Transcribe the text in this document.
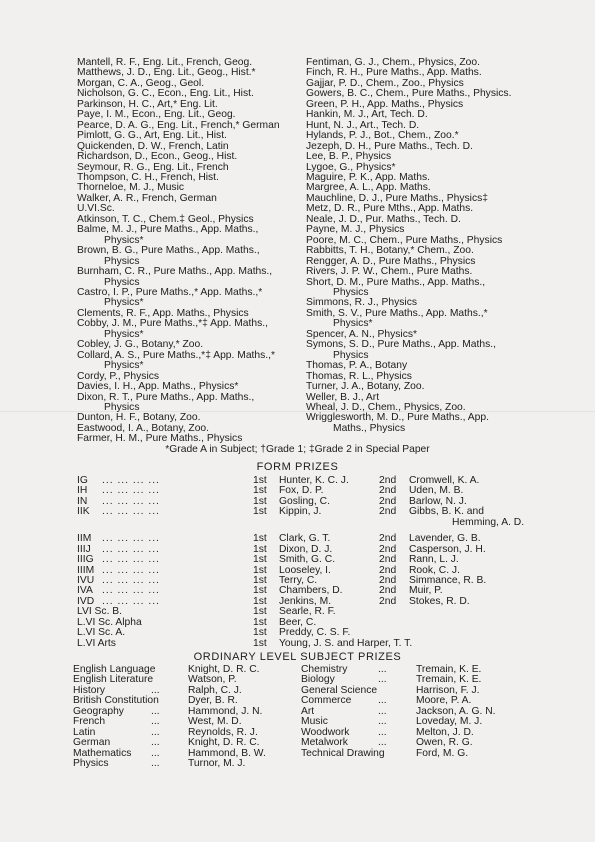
Mantell, R. F., Eng. Lit., French, Geog.
Matthews, J. D., Eng. Lit., Geog., Hist.*
Morgan, C. A., Geog., Geol.
Nicholson, G. C., Econ., Eng. Lit., Hist.
Parkinson, H. C., Art,* Eng. Lit.
Paye, I. M., Econ., Eng. Lit., Geog.
Pearce, D. A. G., Eng. Lit., French,* German
Pimlott, G. G., Art, Eng. Lit., Hist.
Quickenden, D. W., French, Latin
Richardson, D., Econ., Geog., Hist.
Seymour, R. G., Eng. Lit., French
Thompson, C. H., French, Hist.
Thorneloe, M. J., Music
Walker, A. R., French, German
U.VI.Sc.
Atkinson, T. C., Chem.‡ Geol., Physics
Balme, M. J., Pure Maths., App. Maths.,
Physics*
Brown, B. G., Pure Maths., App. Maths.,
Physics
Burnham, C. R., Pure Maths., App. Maths.,
Physics
Castro, I. P., Pure Maths.,* App. Maths.,*
Physics*
Clements, R. F., App. Maths., Physics
Cobby, J. M., Pure Maths.,*‡ App. Maths.,
Physics*
Cobley, J. G., Botany,* Zoo.
Collard, A. S., Pure Maths.,*‡ App. Maths.,*
Physics*
Cordy, P., Physics
Davies, I. H., App. Maths., Physics*
Dixon, R. T., Pure Maths., App. Maths.,
Physics
Dunton, H. F., Botany, Zoo.
Eastwood, I. A., Botany, Zoo.
Farmer, H. M., Pure Maths., Physics
Fentiman, G. J., Chem., Physics, Zoo.
Finch, R. H., Pure Maths., App. Maths.
Gajjar, P. D., Chem., Zoo., Physics
Gowers, B. C., Chem., Pure Maths., Physics.
Green, P. H., App. Maths., Physics
Hankin, M. J., Art, Tech. D.
Hunt, N. J., Art., Tech. D.
Hylands, P. J., Bot., Chem., Zoo.*
Jezeph, D. H., Pure Maths., Tech. D.
Lee, B. P., Physics
Lygoe, G., Physics*
Maguire, P. K., App. Maths.
Margree, A. L., App. Maths.
Mauchline, D. J., Pure Maths., Physics‡
Metz, D. R., Pure Mths., App. Maths.
Neale, J. D., Pur. Maths., Tech. D.
Payne, M. J., Physics
Poore, M. C., Chem., Pure Maths., Physics
Rabbitts, T. H., Botany,* Chem., Zoo.
Rengger, A. D., Pure Maths., Physics
Rivers, J. P. W., Chem., Pure Maths.
Short, D. M., Pure Maths., App. Maths.,
Physics
Simmons, R. J., Physics
Smith, S. V., Pure Maths., App. Maths.,*
Physics*
Spencer, A. N., Physics*
Symons, S. D., Pure Maths., App. Maths.,
Physics
Thomas, P. A., Botany
Thomas, R. L., Physics
Turner, J. A., Botany, Zoo.
Weller, B. J., Art
Wheal, J. D., Chem., Physics, Zoo.
Wrigglesworth, M. D., Pure Maths., App.
Maths., Physics
*Grade A in Subject; †Grade 1; ‡Grade 2 in Special Paper
FORM PRIZES
IG ... ... ... ...	1st Hunter, K. C. J.	2nd Cromwell, K. A.
IH ... ... ... ...	1st Fox, D. P.	2nd Uden, M. B.
IN ... ... ... ...	1st Gosling, C.	2nd Barlow, N. J.
IIK ... ... ... ...	1st Kippin, J.	2nd Gibbs, B. K. and
Hemming, A. D.
IIM ... ... ... ...	1st Clark, G. T.	2nd Lavender, G. B.
IIIJ ... ... ... ...	1st Dixon, D. J.	2nd Casperson, J. H.
IIIG ... ... ... ...	1st Smith, G. C.	2nd Rann, L. J.
IIIM ... ... ... ...	1st Looseley, I.	2nd Rook, C. J.
IVU ... ... ... ...	1st Terry, C.	2nd Simmance, R. B.
IVA ... ... ... ...	1st Chambers, D.	2nd Muir, P.
IVD ... ... ... ...	1st Jenkins, M.	2nd Stokes, R. D.
LVI Sc. B.	1st Searle, R. F.
L.VI Sc. Alpha	1st Beer, C.
L.VI Sc. A.	1st Preddy, C. S. F.
L.VI Arts	1st Young, J. S. and Harper, T. T.
ORDINARY LEVEL SUBJECT PRIZES
English Language	Knight, D. R. C.
English Literature	Watson, P.
History	...	Ralph, C. J.
British Constitution	Dyer, B. R.
Geography	...	Hammond, J. N.
French	...	West, M. D.
Latin	...	Reynolds, R. J.
German	...	Knight, D. R. C.
Mathematics ...	Hammond, B. W.
Physics	...	Turnor, M. J.
Chemistry	...	Tremain, K. E.
Biology	...	Tremain, K. E.
General Science	Harrison, F. J.
Commerce	...	Moore, P. A.
Art	...	Jackson, A. G. N.
Music	...	Loveday, M. J.
Woodwork	...	Melton, J. D.
Metalwork	...	Owen, R. G.
Technical Drawing	Ford, M. G.
